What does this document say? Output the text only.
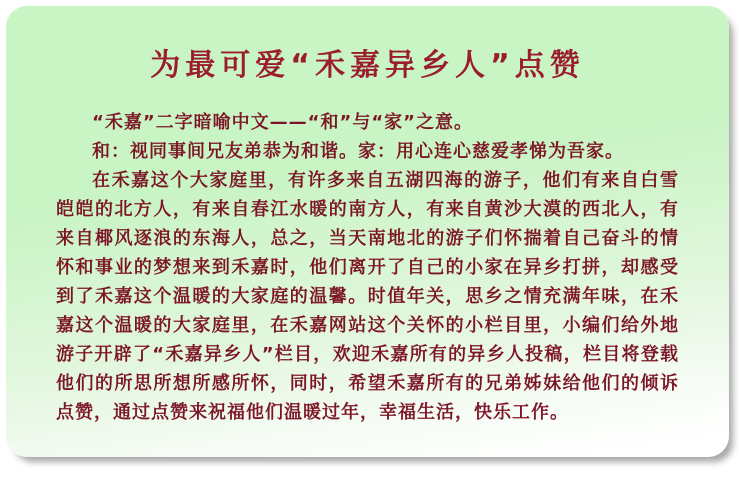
为最可爱“禾嘉异乡人”点赞

“禾嘉”二字暗喻中文——“和”与“家”之意。

和：视同事间兄友弟恭为和谐。家：用心连心慈爱孝悌为吾家。

在禾嘉这个大家庭里，有许多来自五湖四海的游子，他们有来自白雪皑皑的北方人，有来自春江水暖的南方人，有来自黄沙大漠的西北人，有来自椰风逐浪的东海人，总之，当天南地北的游子们怀揣着自己奋斗的情怀和事业的梦想来到禾嘉时，他们离开了自己的小家在异乡打拼，却感受到了禾嘉这个温暖的大家庭的温馨。时值年关，思乡之情充满年味，在禾嘉这个温暖的大家庭里，在禾嘉网站这个关怀的小栏目里，小编们给外地游子开辟了“禾嘉异乡人”栏目，欢迎禾嘉所有的异乡人投稿，栏目将登载他们的所思所想所感所怀，同时，希望禾嘉所有的兄弟姊妹给他们的倾诉点赞，通过点赞来祝福他们温暖过年，幸福生活，快乐工作。
